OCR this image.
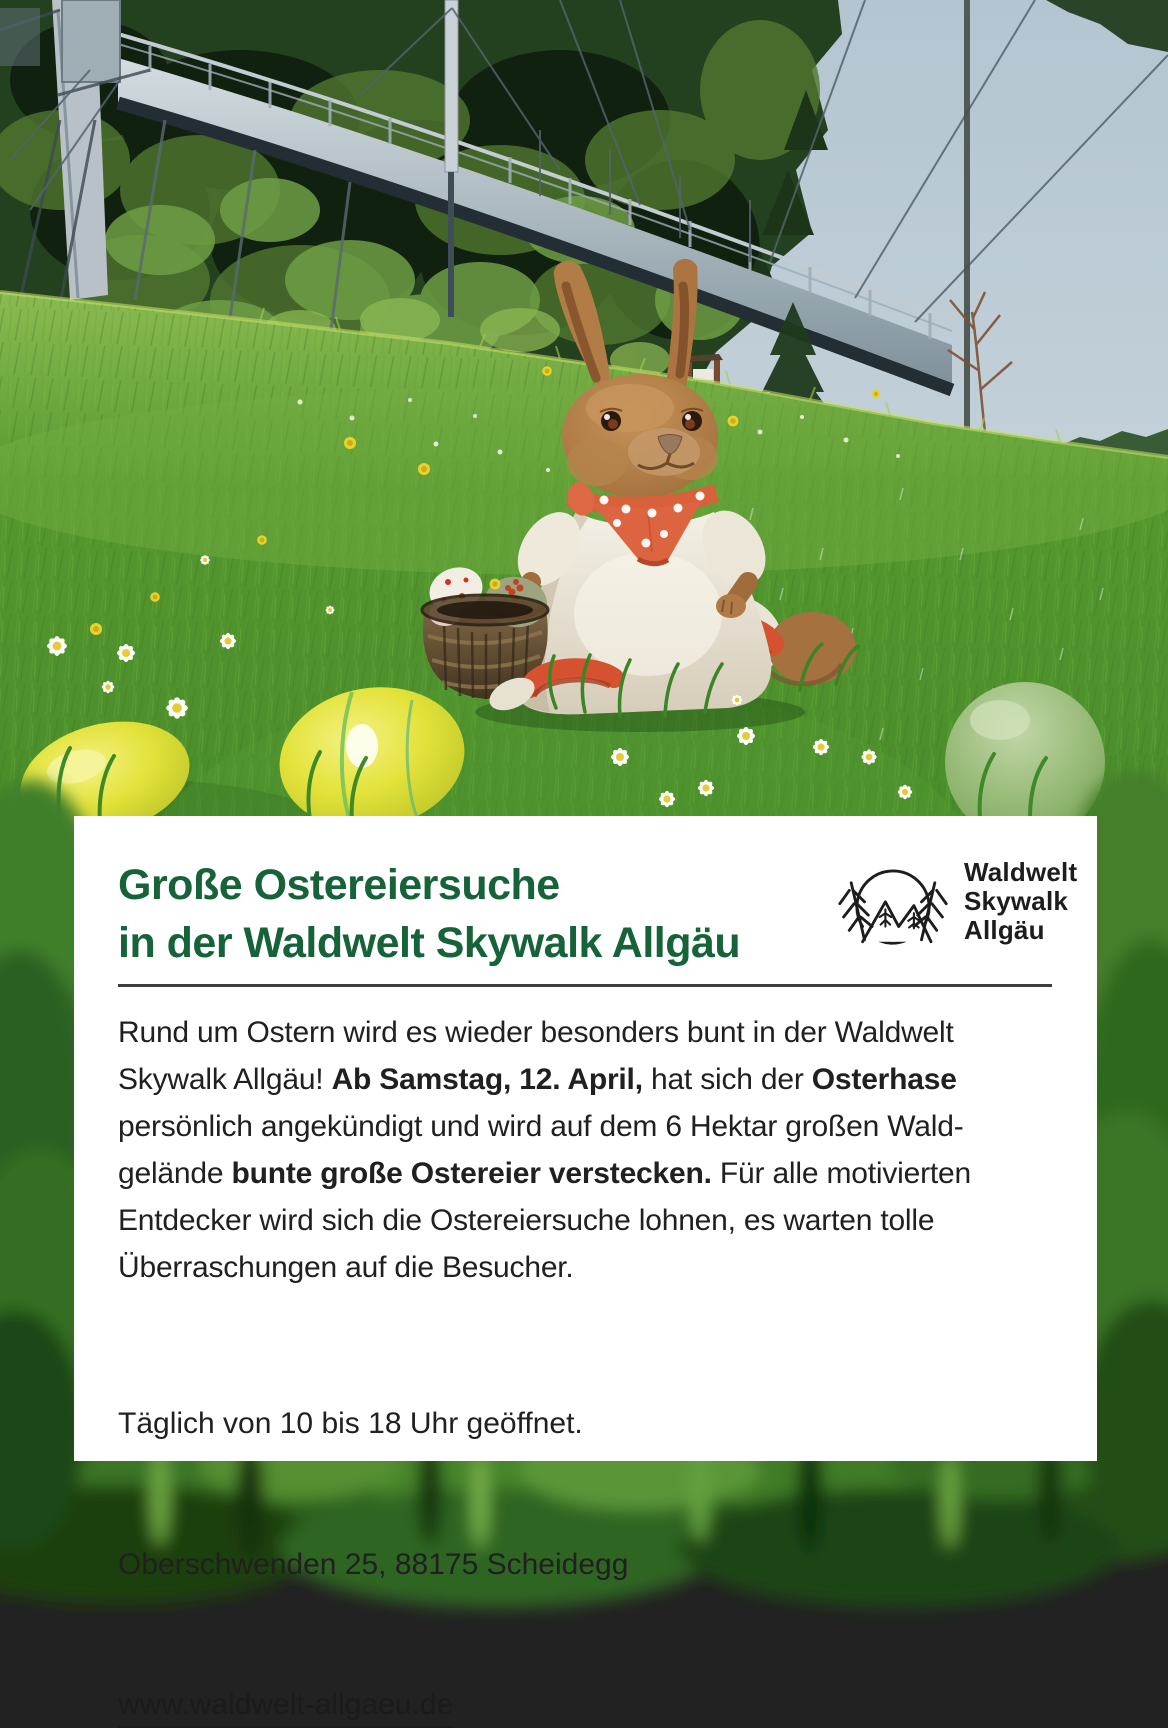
Große Ostereiersuche
in der Waldwelt Skywalk Allgäu
Waldwelt
Skywalk
Allgäu
Rund um Ostern wird es wieder besonders bunt in der Waldwelt
Skywalk Allgäu! Ab Samstag, 12. April, hat sich der Osterhase
persönlich angekündigt und wird auf dem 6 Hektar großen Wald-
gelände bunte große Ostereier verstecken. Für alle motivierten
Entdecker wird sich die Ostereiersuche lohnen, es warten tolle
Überraschungen auf die Besucher.

Täglich von 10 bis 18 Uhr geöffnet.

Oberschwenden 25, 88175 Scheidegg

www.waldwelt-allgaeu.de
